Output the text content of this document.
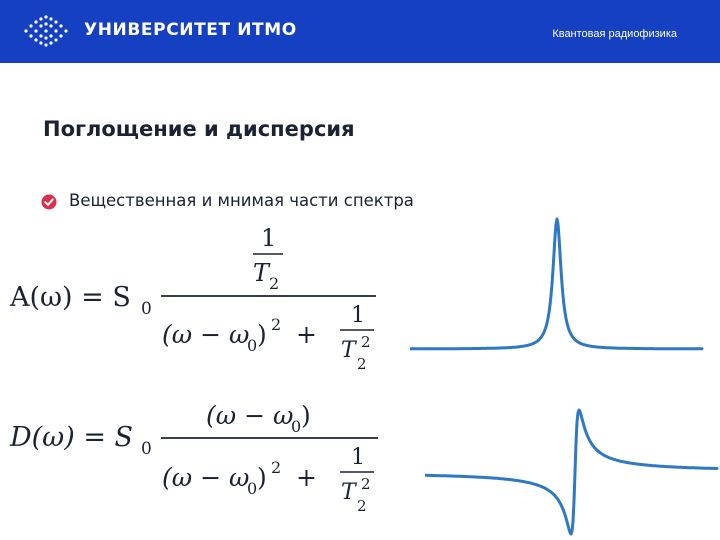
УНИВЕРСИТЕТ ИТМО	Квантовая радиофизика
Поглощение и дисперсия
Вещественная и мнимая части спектра
A(ω) = S 0
1
T 2
(ω − ω
0 ) 2 +
1
T
2
2
D(ω) = S 0
(ω − ω
0 )
(ω − ω
0 ) 2 +
1
T
2
2
